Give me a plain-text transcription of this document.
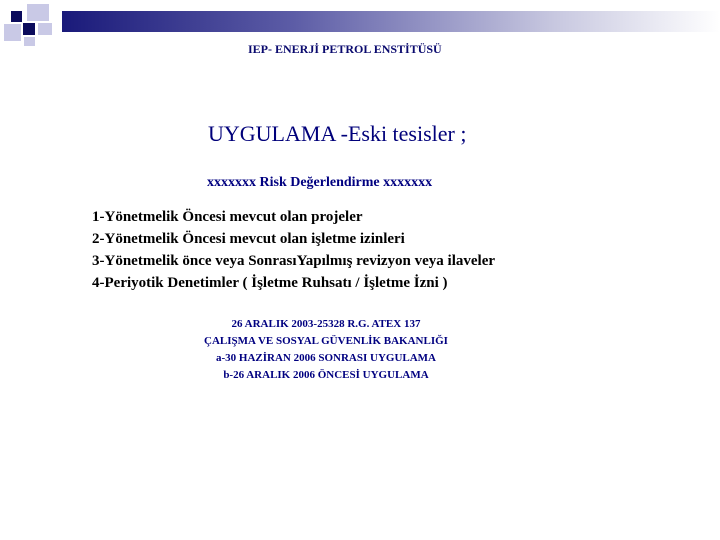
IEP- ENERJİ PETROL ENSTİTÜSÜ
UYGULAMA -Eski tesisler ;
xxxxxxx Risk Değerlendirme xxxxxxx
1-Yönetmelik Öncesi mevcut olan projeler
2-Yönetmelik Öncesi mevcut olan işletme izinleri
3-Yönetmelik önce veya SonrasıYapılmış revizyon veya ilaveler
4-Periyotik Denetimler ( İşletme Ruhsatı / İşletme İzni )
26 ARALIK 2003-25328 R.G. ATEX 137
ÇALIŞMA VE SOSYAL GÜVENLİK BAKANLIĞI
a-30 HAZİRAN 2006 SONRASI UYGULAMA
b-26 ARALIK 2006 ÖNCESİ UYGULAMA
